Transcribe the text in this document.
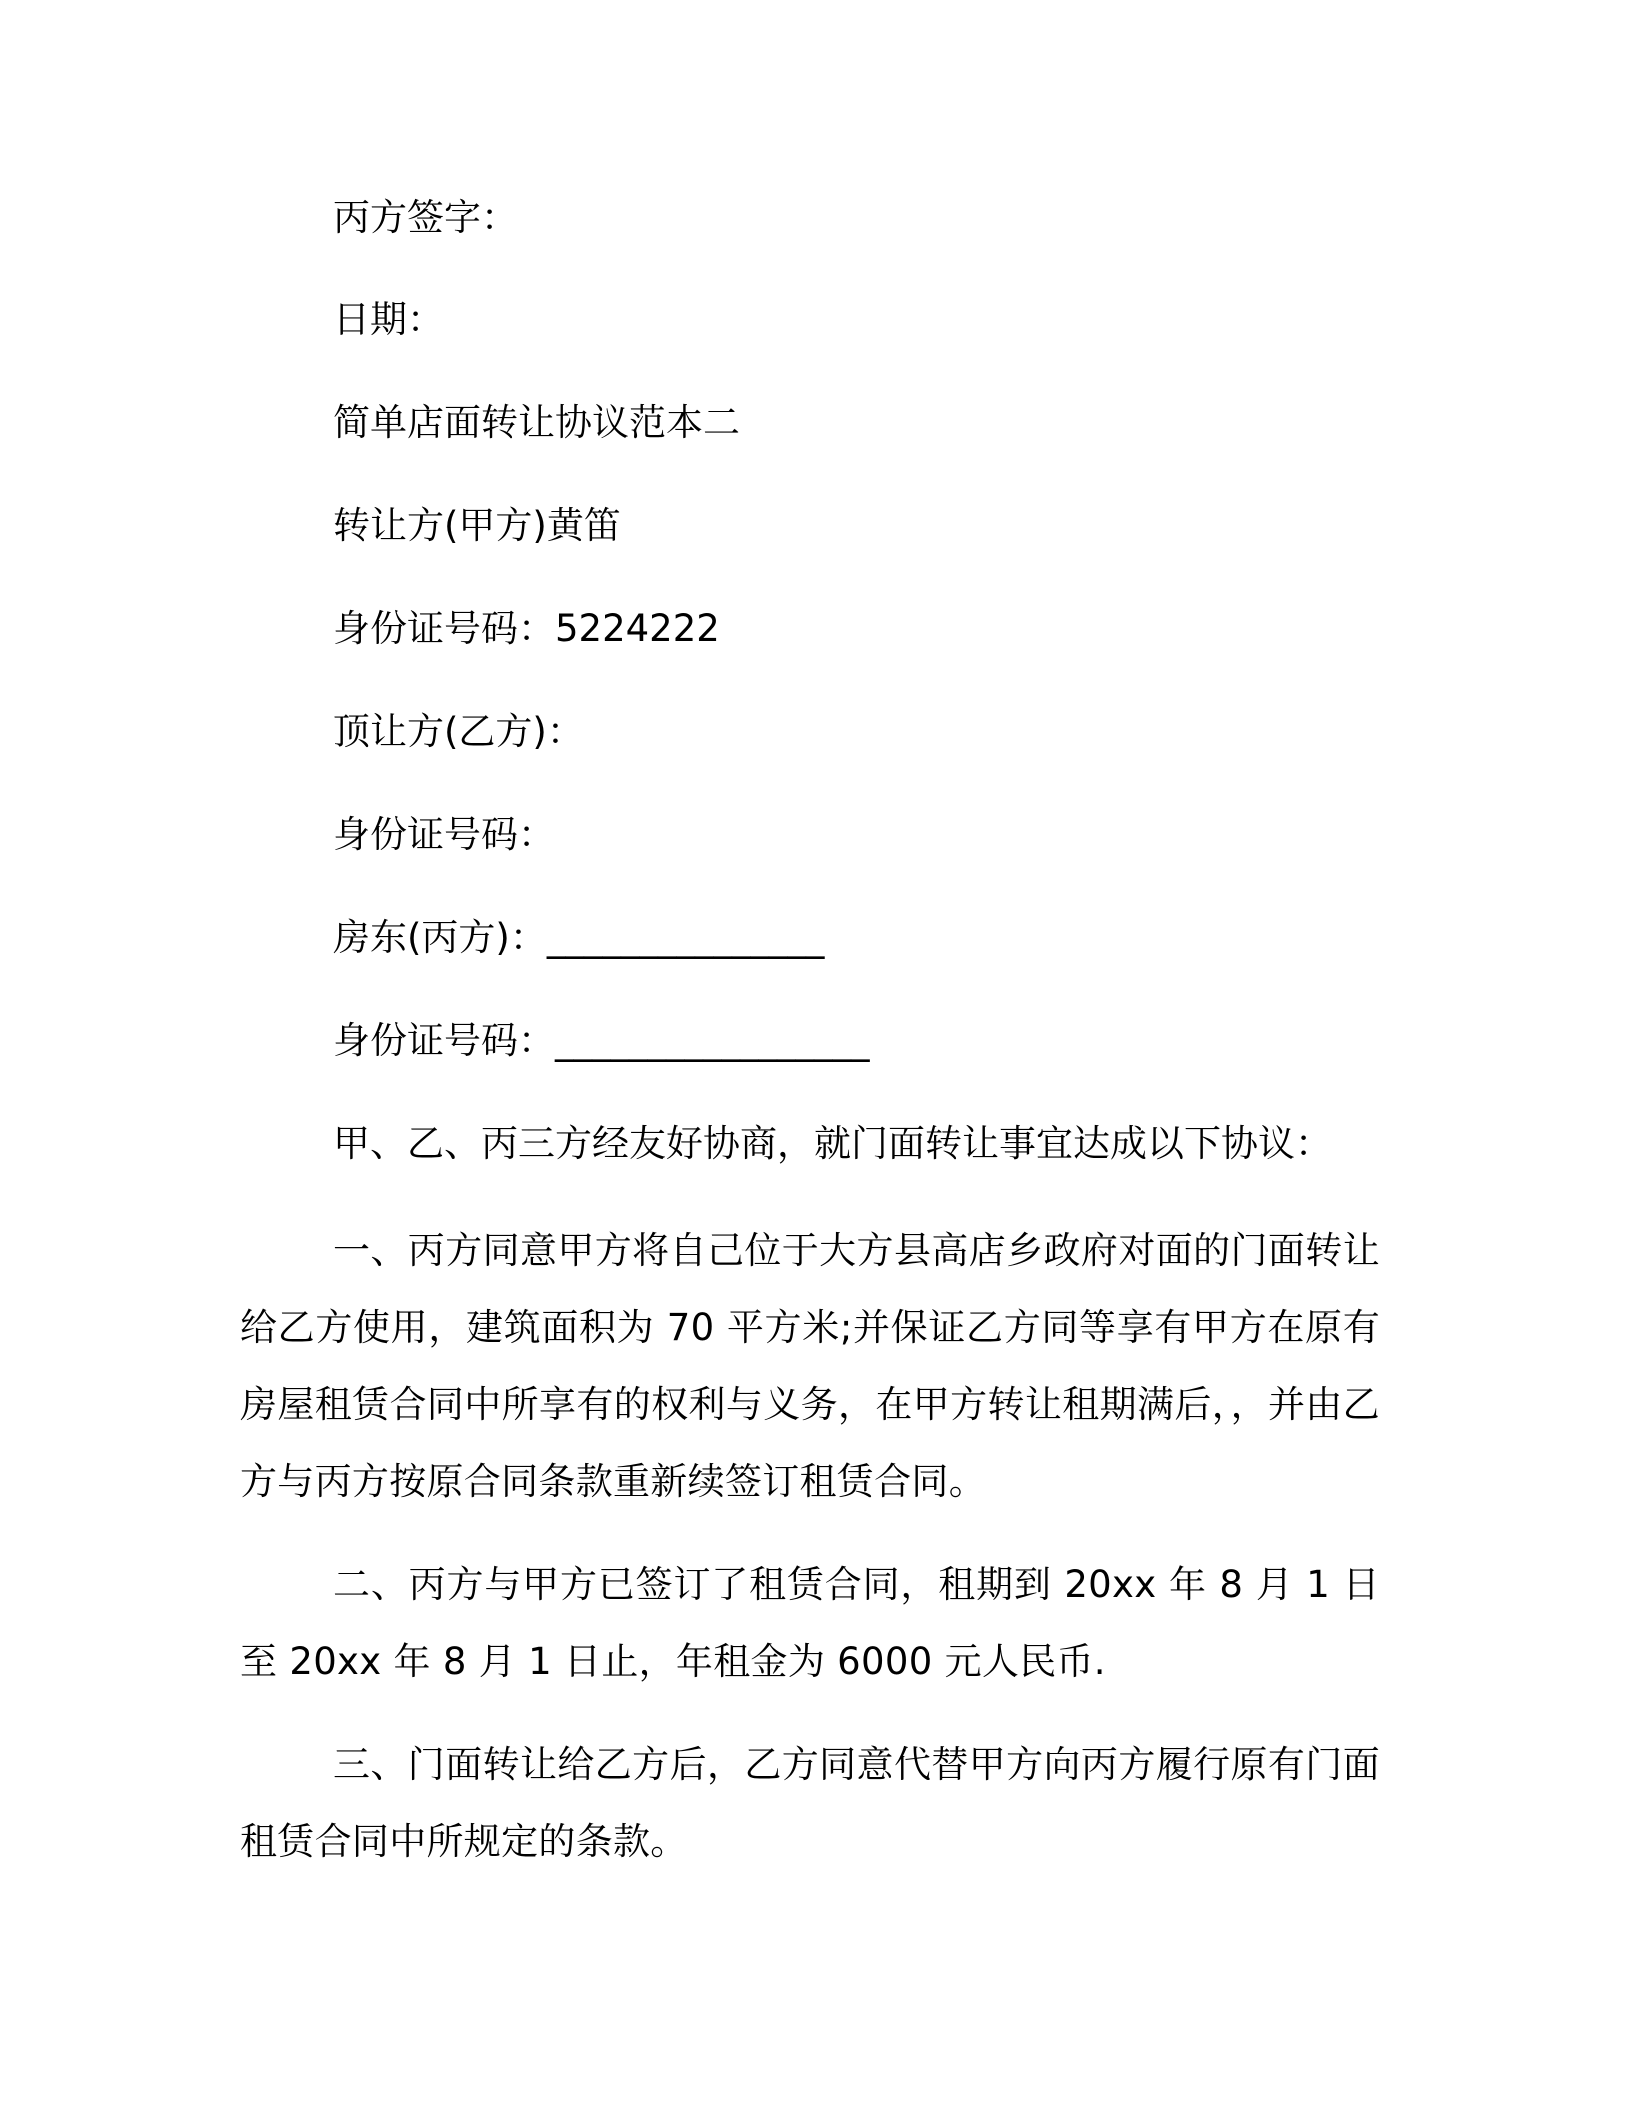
丙方签字：
日期：
简单店面转让协议范本二
转让方(甲方)黄笛
身份证号码：5224222
顶让方(乙方)：
身份证号码：
房东(丙方)：_______________
身份证号码：_________________
甲、乙、丙三方经友好协商，就门面转让事宜达成以下协议：
一、丙方同意甲方将自己位于大方县高店乡政府对面的门面转让给乙方使用，建筑面积为 70 平方米;并保证乙方同等享有甲方在原有房屋租赁合同中所享有的权利与义务，在甲方转让租期满后，，并由乙方与丙方按原合同条款重新续签订租赁合同。
二、丙方与甲方已签订了租赁合同，租期到 20xx 年 8 月 1 日至 20xx 年 8 月 1 日止，年租金为 6000 元人民币.
三、门面转让给乙方后，乙方同意代替甲方向丙方履行原有门面租赁合同中所规定的条款。
